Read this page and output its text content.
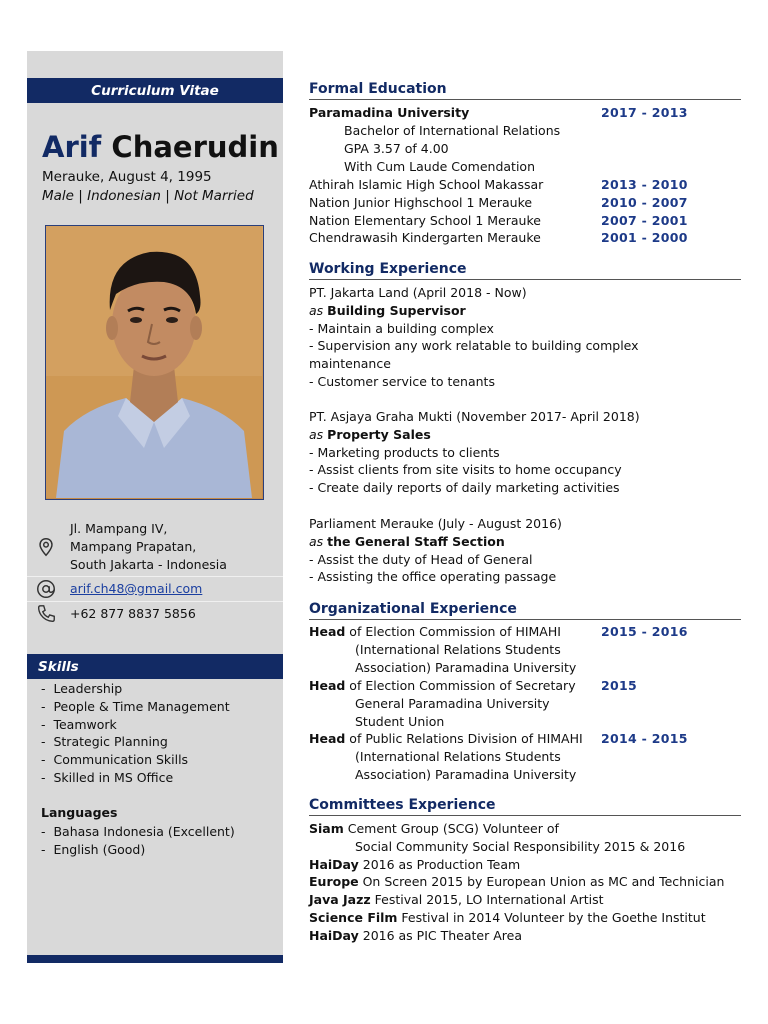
Curriculum Vitae
Arif Chaerudin
Merauke, August 4, 1995
Male | Indonesian | Not Married
Jl. Mampang IV,
Mampang Prapatan,
South Jakarta - Indonesia
arif.ch48@gmail.com
+62 877 8837 5856
Skills
- Leadership
- People & Time Management
- Teamwork
- Strategic Planning
- Communication Skills
- Skilled in MS Office
Languages
- Bahasa Indonesia (Excellent)
- English (Good)
Formal Education
Paramadina University	2017 - 2013
Bachelor of International Relations
GPA 3.57 of 4.00
With Cum Laude Comendation
Athirah Islamic High School Makassar	2013 - 2010
Nation Junior Highschool 1 Merauke	2010 - 2007
Nation Elementary School 1 Merauke	2007 - 2001
Chendrawasih Kindergarten Merauke	2001 - 2000
Working Experience
PT. Jakarta Land (April 2018 - Now)
as Building Supervisor
- Maintain a building complex
- Supervision any work relatable to building complex
maintenance
- Customer service to tenants
PT. Asjaya Graha Mukti (November 2017- April 2018)
as Property Sales
- Marketing products to clients
- Assist clients from site visits to home occupancy
- Create daily reports of daily marketing activities
Parliament Merauke (July - August 2016)
as the General Staff Section
- Assist the duty of Head of General
- Assisting the office operating passage
Organizational Experience
Head of Election Commission of HIMAHI
(International Relations Students
Association) Paramadina University
2015 - 2016
Head of Election Commission of Secretary
General Paramadina University
Student Union
2015
Head of Public Relations Division of HIMAHI
(International Relations Students
Association) Paramadina University
2014 - 2015
Committees Experience
Siam Cement Group (SCG) Volunteer of
Social Community Social Responsibility 2015 & 2016
HaiDay 2016 as Production Team
Europe On Screen 2015 by European Union as MC and Technician
Java Jazz Festival 2015, LO International Artist
Science Film Festival in 2014 Volunteer by the Goethe Institut
HaiDay 2016 as PIC Theater Area
